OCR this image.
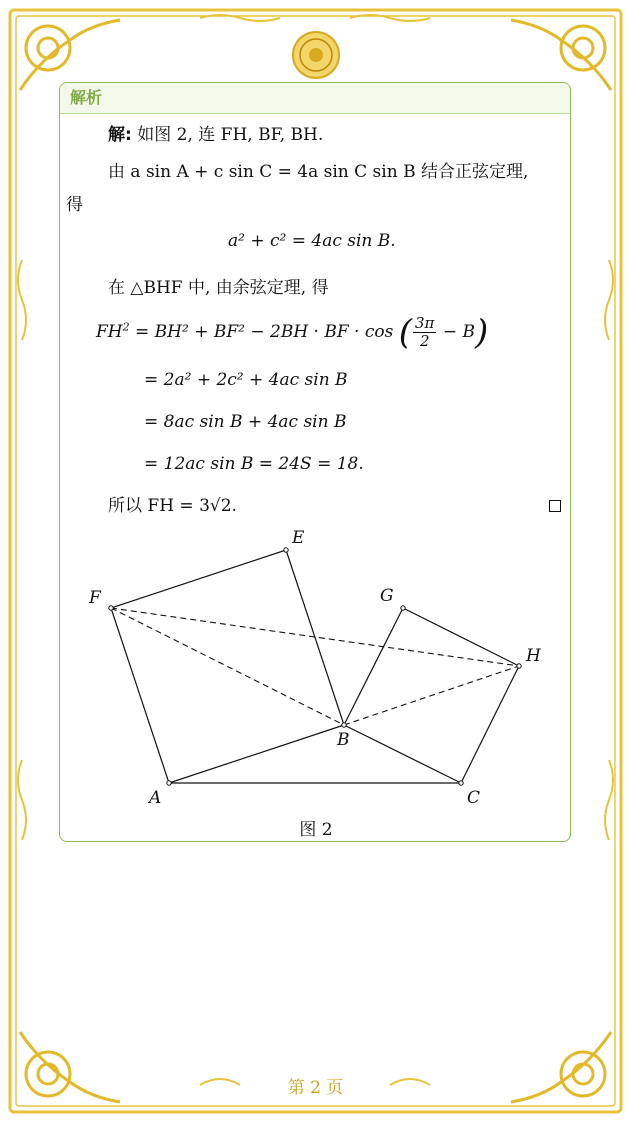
解析
解: 如图 2, 连 FH, BF, BH.
由 a sin A + c sin C = 4a sin C sin B 结合正弦定理,
得
a² + c² = 4ac sin B.
在 △BHF 中, 由余弦定理, 得
$FH^2 = BH^2 + BF^2 - 2BH$ · BF · cos ( $\frac{3\pi}{2} - B$)
= 2a² + 2c² + 4ac sin B
= 8ac sin B + 4ac sin B
= 12ac sin B = 24S = 18.
所以 FH = 3√2.
A
B
C
E
F	G
H
图 2
第 2 页
